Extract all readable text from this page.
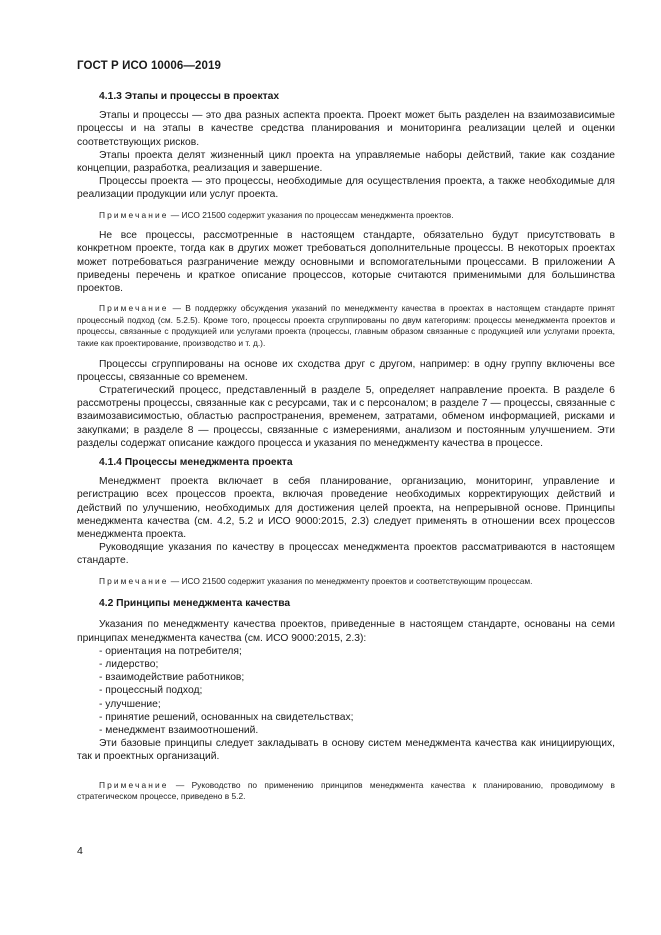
ГОСТ Р ИСО 10006—2019
4.1.3 Этапы и процессы в проектах

Этапы и процессы — это два разных аспекта проекта. Проект может быть разделен на взаимозависимые процессы и на этапы в качестве средства планирования и мониторинга реализации целей и оценки соответствующих рисков.

Этапы проекта делят жизненный цикл проекта на управляемые наборы действий, такие как создание концепции, разработка, реализация и завершение.

Процессы проекта — это процессы, необходимые для осуществления проекта, а также необходимые для реализации продукции или услуг проекта.

Примечание — ИСО 21500 содержит указания по процессам менеджмента проектов.

Не все процессы, рассмотренные в настоящем стандарте, обязательно будут присутствовать в конкретном проекте, тогда как в других может требоваться дополнительные процессы. В некоторых проектах может потребоваться разграничение между основными и вспомогательными процессами. В приложении А приведены перечень и краткое описание процессов, которые считаются применимыми для большинства проектов.

Примечание — В поддержку обсуждения указаний по менеджменту качества в проектах в настоящем стандарте принят процессный подход (см. 5.2.5). Кроме того, процессы проекта сгруппированы по двум категориям: процессы менеджмента проектов и процессы, связанные с продукцией или услугами проекта (процессы, главным образом связанные с продукцией или услугами проекта, такие как проектирование, производство и т. д.).

Процессы сгруппированы на основе их сходства друг с другом, например: в одну группу включены все процессы, связанные со временем.

Стратегический процесс, представленный в разделе 5, определяет направление проекта. В разделе 6 рассмотрены процессы, связанные как с ресурсами, так и с персоналом; в разделе 7 — процессы, связанные с взаимозависимостью, областью распространения, временем, затратами, обменом информацией, рисками и закупками; в разделе 8 — процессы, связанные с измерениями, анализом и постоянным улучшением. Эти разделы содержат описание каждого процесса и указания по менеджменту качества в процессе.

4.1.4 Процессы менеджмента проекта

Менеджмент проекта включает в себя планирование, организацию, мониторинг, управление и регистрацию всех процессов проекта, включая проведение необходимых корректирующих действий и действий по улучшению, необходимых для достижения целей проекта, на непрерывной основе. Принципы менеджмента качества (см. 4.2, 5.2 и ИСО 9000:2015, 2.3) следует применять в отношении всех процессов менеджмента проекта.

Руководящие указания по качеству в процессах менеджмента проектов рассматриваются в настоящем стандарте.

Примечание — ИСО 21500 содержит указания по менеджменту проектов и соответствующим процессам.

4.2 Принципы менеджмента качества

Указания по менеджменту качества проектов, приведенные в настоящем стандарте, основаны на семи принципах менеджмента качества (см. ИСО 9000:2015, 2.3):

- ориентация на потребителя;
- лидерство;
- взаимодействие работников;
- процессный подход;
- улучшение;
- принятие решений, основанных на свидетельствах;
- менеджмент взаимоотношений.

Эти базовые принципы следует закладывать в основу систем менеджмента качества как инициирующих, так и проектных организаций.

Примечание — Руководство по применению принципов менеджмента качества к планированию, проводимому в стратегическом процессе, приведено в 5.2.

4
